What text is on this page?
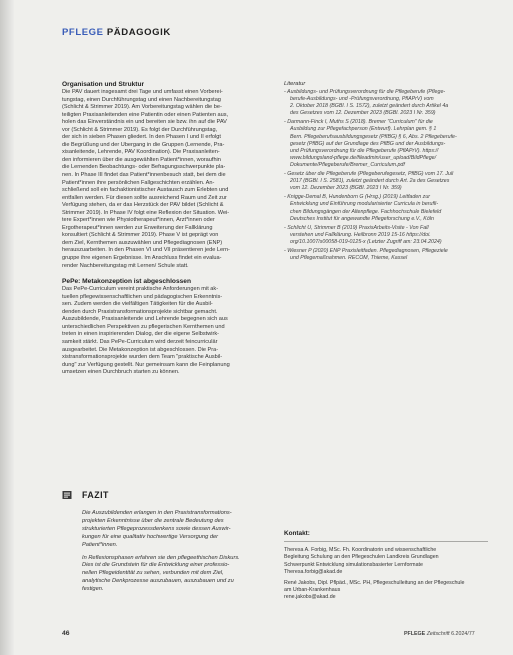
PFLEGE PÄDAGOGIK
Organisation und Struktur
Die PAV dauert insgesamt drei Tage und umfasst einen Vorberei-
tungstag, einen Durchführungstag und einen Nachbereitungstag
(Schlicht & Strimmer 2019). Am Vorbereitungstag wählen die be-
teiligten Praxisanleitenden eine Patientin oder einen Patienten aus,
holen das Einverständnis ein und bereiten sie bzw. ihn auf die PAV
vor (Schlicht & Strimmer 2019). Es folgt der Durchführungstag,
der sich in sieben Phasen gliedert. In den Phasen I und II erfolgt
die Begrüßung und der Übergang in die Gruppen (Lernende, Pra-
xisanleitende, Lehrende, PAV Koordination). Die Praxisanleiten-
den informieren über die ausgewählten Patient*innen, woraufhin
die Lernenden Beobachtungs- oder Befragungsschwerpunkte pla-
nen. In Phase III findet das Patient*innenbesuch statt, bei dem die
Patient*innen ihre persönlichen Fallgeschichten erzählen. An-
schließend soll ein fachaktionistischer Austausch zum Erlebten und
entfallen werden. Für diesen sollte ausreichend Raum und Zeit zur
Verfügung stehen, da er das Herzstück der PAV bildet (Schlicht &
Strimmer 2019). In Phase IV folgt eine Reflexion der Situation. Wei-
tere Expert*innen wie Physiotherapeut*innen, Ärzt*innen oder
Ergotherapeut*innen werden zur Erweiterung der Fallklärung
konsultiert (Schlicht & Strimmer 2019). Phase V ist geprägt von
dem Ziel, Kernthemen auszuwählen und Pflegediagnosen (ENP)
herauszuarbeiten. In den Phasen VI und VII präsentieren jede Lern-
gruppe ihre eigenen Ergebnisse. Im Anschluss findet ein evalua-
render Nachbereitungstag mit Lernen/ Schule statt.
PePe: Metakonzeption ist abgeschlossen
Das PePe-Curriculum vereint praktische Anforderungen mit ak-
tuellen pflegewissenschaftlichen und pädagogischen Erkenntnis-
sen. Zudem werden die vielfältigen Tätigkeiten für die Ausbil-
denden durch Praxistransformationsprojekte sichtbar gemacht.
Auszubildende, Praxisanleitende und Lehrende begegnen sich aus
unterschiedlichen Perspektiven zu pflegerischen Kernthemen und
treten in einen inspirierenden Dialog, der die eigene Selbstwirk-
samkeit stärkt. Das PePe-Curriculum wird derzeit feincurriculär
ausgearbeitet. Die Metakonzeption ist abgeschlossen. Die Pra-
xistransformationsprojekte wurden dem Team "praktische Ausbil-
dung" zur Verfügung gestellt. Nur gemeinsam kann die Feinplanung
umsetzen einen Durchbruch starten zu können.
Literatur
- Ausbildungs- und Prüfungsverordnung für die Pflegeberufe (Pflege-
berufe-Ausbildungs- und -Prüfungsverordnung, PflAPrV) vom
2. Oktober 2018 (BGBl. I S. 1572), zuletzt geändert durch Artikel 4a
des Gesetzes vom 12. Dezember 2023 (BGBl. 2023 I Nr. 359)
- Darmann-Finck I, Muths S (2018). Bremer "Curriculum" für die
Ausbildung zur Pflegefachperson (Entwurf). Lehrplan gem. § 1
Bern. Pflegeberufsausbildungsgesetz (PfIBG) § 6, Abs. 2 Pflegeberufe-
gesetz (PflBG) auf der Grundlage des PflBG und der Ausbildungs-
und Prüfungsverordnung für die Pflegeberufe (PflAPrV). https://
www.bildungsland-pflege.de/fileadmin/user_upload/BildPflege/
Dokumente/Pflegeberufe/Bremer_Curriculum.pdf
- Gesetz über die Pflegeberufe (Pflegeberufegesetz, PflBG) vom 17. Juli
2017 (BGBl. I S. 2581), zuletzt geändert durch Art. 2a des Gesetzes
vom 12. Dezember 2023 (BGBl. 2023 I Nr. 359)
- Knigge-Demal B, Hundenborn G (Hrsg.) (2019) Leitfaden zur
Entwicklung und Einführung modularisierter Curricula in berufli-
chen Bildungsgängen der Altenpflege. Fachhochschule Bielefeld
Deutsches Institut für angewandte Pflegeforschung e.V., Köln
- Schlicht U, Strimmer B (2019) PraxisArbeits-Visite - Von Fall
verstehen und Fallklärung. Heilbronn 2019 15-16 https://doi.
org/10.1007/s00058-019-0125-x (Letzter Zugriff am: 23.04.2024)
- Wiesner P (2020) ENP Praxisleitfaden. Pflegediagnosen, Pflegeziele
und Pflegemaßnahmen. RECOM, Thieme, Kassel
FAZIT

Die Auszubildenden erlangen in den Praxistransformations-
projekten Erkenntnisse über die zentrale Bedeutung des
strukturierten Pflegeprozessdenkens sowie dessen Auswir-
kungen für eine qualitativ hochwertige Versorgung der
Patient*innen.

In Reflexionsphasen erfahren sie den pflegeethischen Diskurs.
Dies ist die Grundstein für die Entwicklung einer professio-
nellen Pflegeidentität zu sehen, verbunden mit dem Ziel,
analytische Denkprozesse auszubauen, auszubauen und zu
festigen.

Kontakt:

Theresa A. Forbig, MSc. Fh. Koordinatorin und wissenschaftliche
Begleitung Schulung an den Pflegeschulen Landkreis Grundlagen
Schwerpunkt Entwicklung simulationsbasierter Lernformate
Theresa.forbig@akad.de

René Jakobs, Dipl. Pflpäd., MSc. PH, Pflegeschulleitung an der Pflegeschule
am Urban-Krankenhaus
rene.jakobs@akad.de

46	PFLEGE Zeitschrift 6.2024/77
